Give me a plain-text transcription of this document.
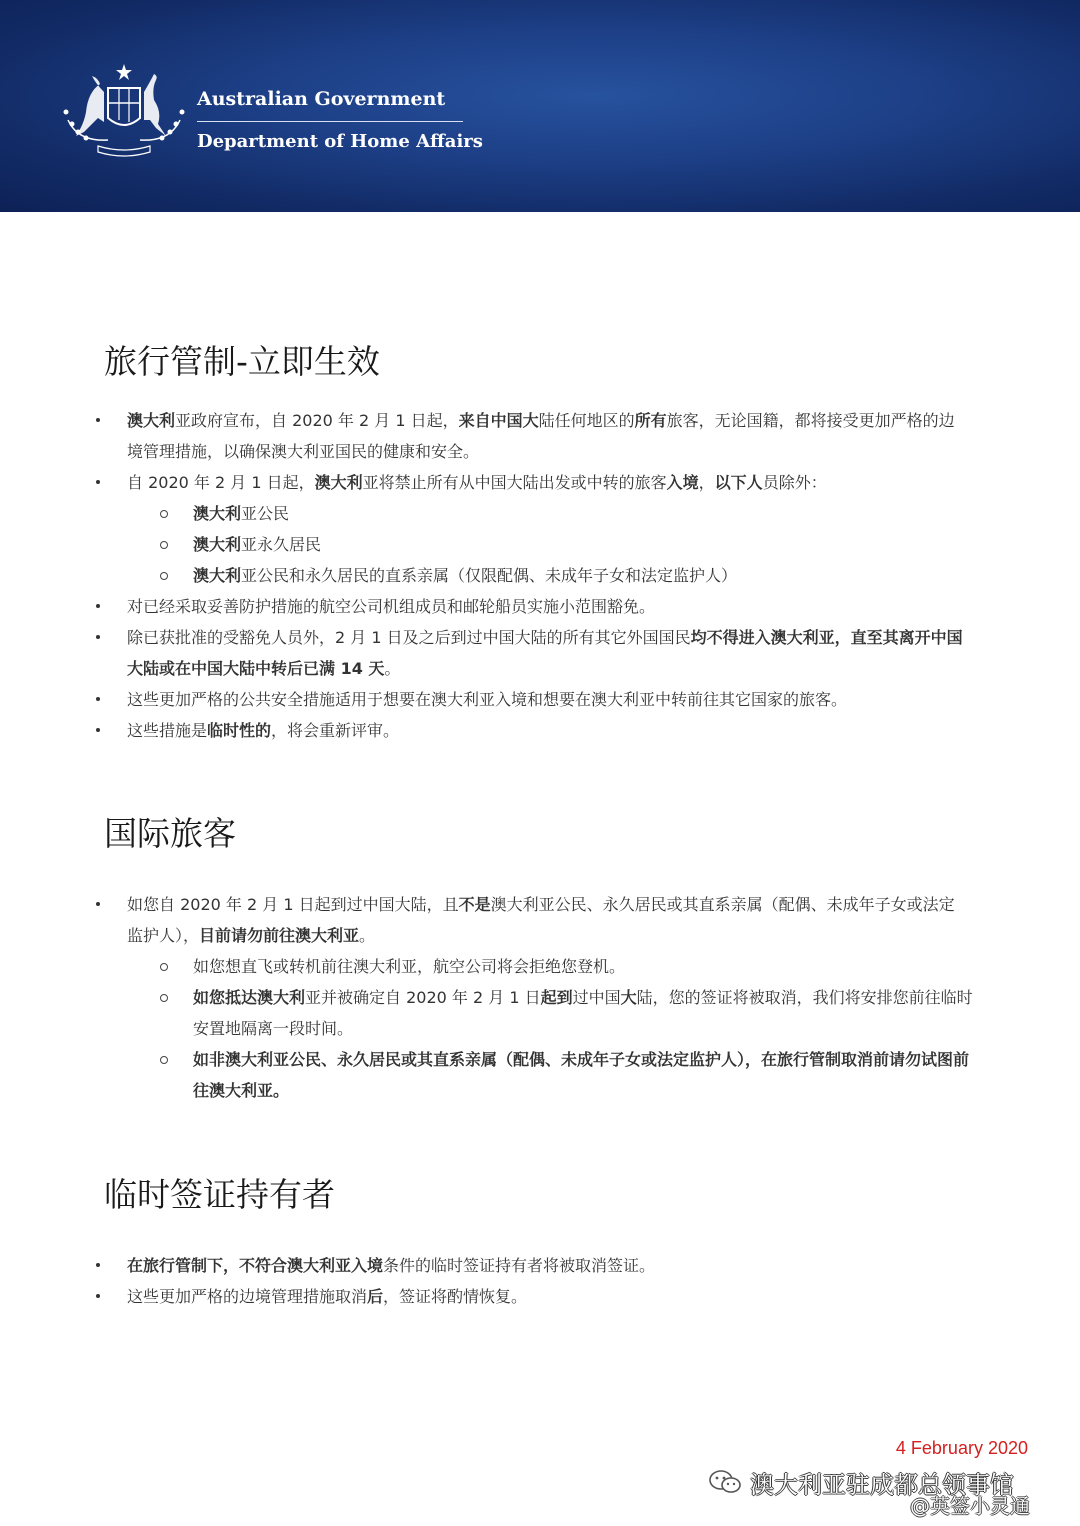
Australian Government
Department of Home Affairs
旅行管制-立即生效
澳大利亚政府宣布，自 2020 年 2 月 1 日起，来自中国大陆任何地区的所有旅客，无论国籍，都将接受更加严格的边境管理措施，以确保澳大利亚国民的健康和安全。
自 2020 年 2 月 1 日起，澳大利亚将禁止所有从中国大陆出发或中转的旅客入境，以下人员除外：
澳大利亚公民
澳大利亚永久居民
澳大利亚公民和永久居民的直系亲属（仅限配偶、未成年子女和法定监护人）
对已经采取妥善防护措施的航空公司机组成员和邮轮船员实施小范围豁免。
除已获批准的受豁免人员外，2 月 1 日及之后到过中国大陆的所有其它外国国民均不得进入澳大利亚，直至其离开中国大陆或在中国大陆中转后已满 14 天。
这些更加严格的公共安全措施适用于想要在澳大利亚入境和想要在澳大利亚中转前往其它国家的旅客。
这些措施是临时性的，将会重新评审。
国际旅客
如您自 2020 年 2 月 1 日起到过中国大陆，且不是澳大利亚公民、永久居民或其直系亲属（配偶、未成年子女或法定监护人），目前请勿前往澳大利亚。
如您想直飞或转机前往澳大利亚，航空公司将会拒绝您登机。
如您抵达澳大利亚并被确定自 2020 年 2 月 1 日起到过中国大陆，您的签证将被取消，我们将安排您前往临时安置地隔离一段时间。
如非澳大利亚公民、永久居民或其直系亲属（配偶、未成年子女或法定监护人），在旅行管制取消前请勿试图前往澳大利亚。
临时签证持有者
在旅行管制下，不符合澳大利亚入境条件的临时签证持有者将被取消签证。
这些更加严格的边境管理措施取消后，签证将酌情恢复。
4 February 2020
澳大利亚驻成都总领事馆
@英签小灵通
